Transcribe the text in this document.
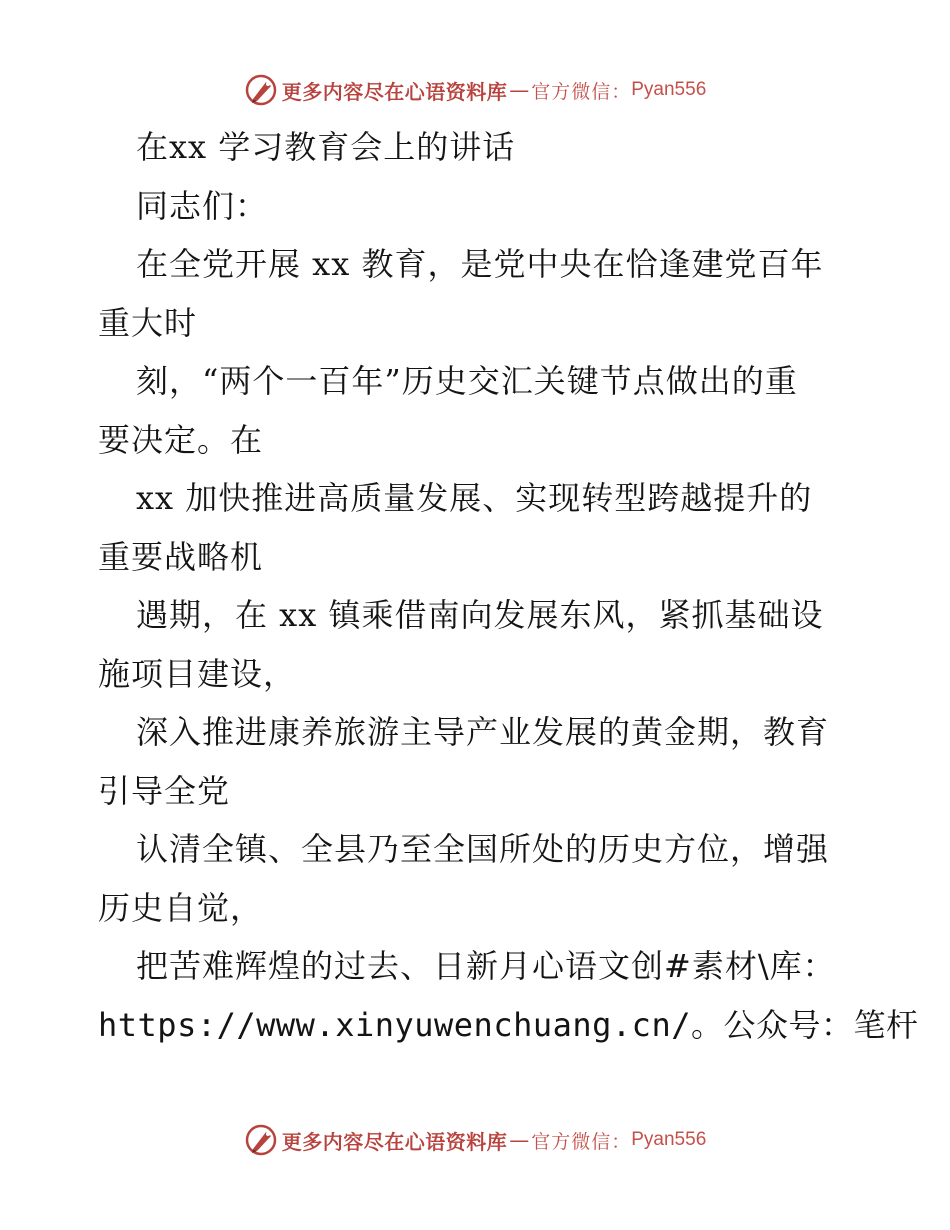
更多内容尽在心语资料库 — 官方微信： Pyan556
在xx 学习教育会上的讲话
同志们：
在全党开展 xx 教育，是党中央在恰逢建党百年
重大时
刻，“两个一百年”历史交汇关键节点做出的重
要决定。在
xx 加快推进高质量发展、实现转型跨越提升的
重要战略机
遇期，在 xx 镇乘借南向发展东风，紧抓基础设
施项目建设，
深入推进康养旅游主导产业发展的黄金期，教育
引导全党
认清全镇、全县乃至全国所处的历史方位，增强
历史自觉，
把苦难辉煌的过去、日新月心语文创#素材\库：
https://www.xinyuwenchuang.cn/。公众号：笔杆
更多内容尽在心语资料库 — 官方微信： Pyan556
